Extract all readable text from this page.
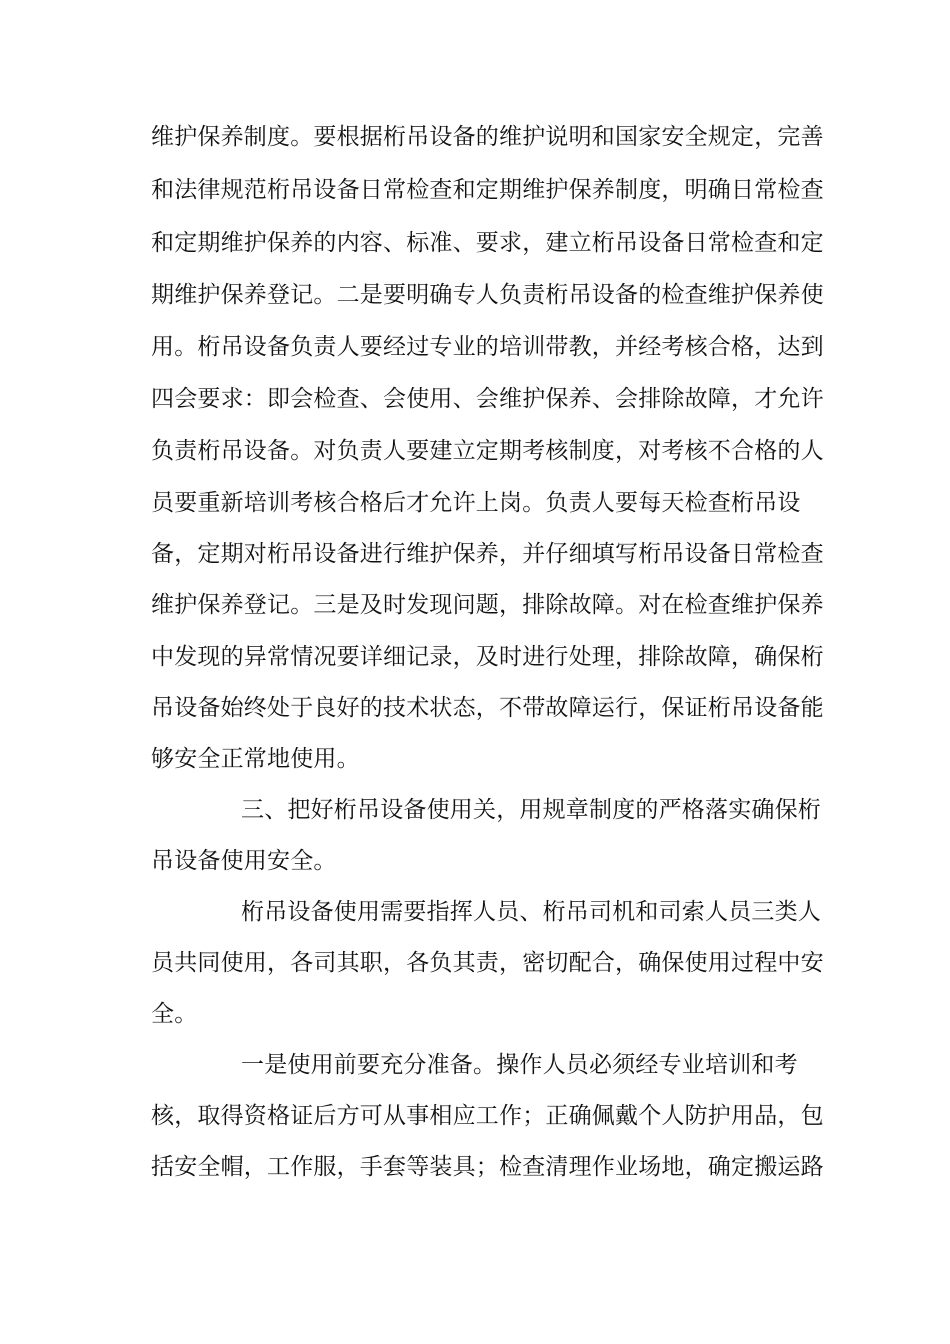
维护保养制度。要根据桁吊设备的维护说明和国家安全规定，完善
和法律规范桁吊设备日常检查和定期维护保养制度，明确日常检查
和定期维护保养的内容、标准、要求，建立桁吊设备日常检查和定
期维护保养登记。二是要明确专人负责桁吊设备的检查维护保养使
用。桁吊设备负责人要经过专业的培训带教，并经考核合格，达到
四会要求：即会检查、会使用、会维护保养、会排除故障，才允许
负责桁吊设备。对负责人要建立定期考核制度，对考核不合格的人
员要重新培训考核合格后才允许上岗。负责人要每天检查桁吊设
备，定期对桁吊设备进行维护保养，并仔细填写桁吊设备日常检查
维护保养登记。三是及时发现问题，排除故障。对在检查维护保养
中发现的异常情况要详细记录，及时进行处理，排除故障，确保桁
吊设备始终处于良好的技术状态，不带故障运行，保证桁吊设备能
够安全正常地使用。
三、把好桁吊设备使用关，用规章制度的严格落实确保桁
吊设备使用安全。
桁吊设备使用需要指挥人员、桁吊司机和司索人员三类人
员共同使用，各司其职，各负其责，密切配合，确保使用过程中安
全。
一是使用前要充分准备。操作人员必须经专业培训和考
核，取得资格证后方可从事相应工作；正确佩戴个人防护用品，包
括安全帽，工作服，手套等装具；检查清理作业场地，确定搬运路
